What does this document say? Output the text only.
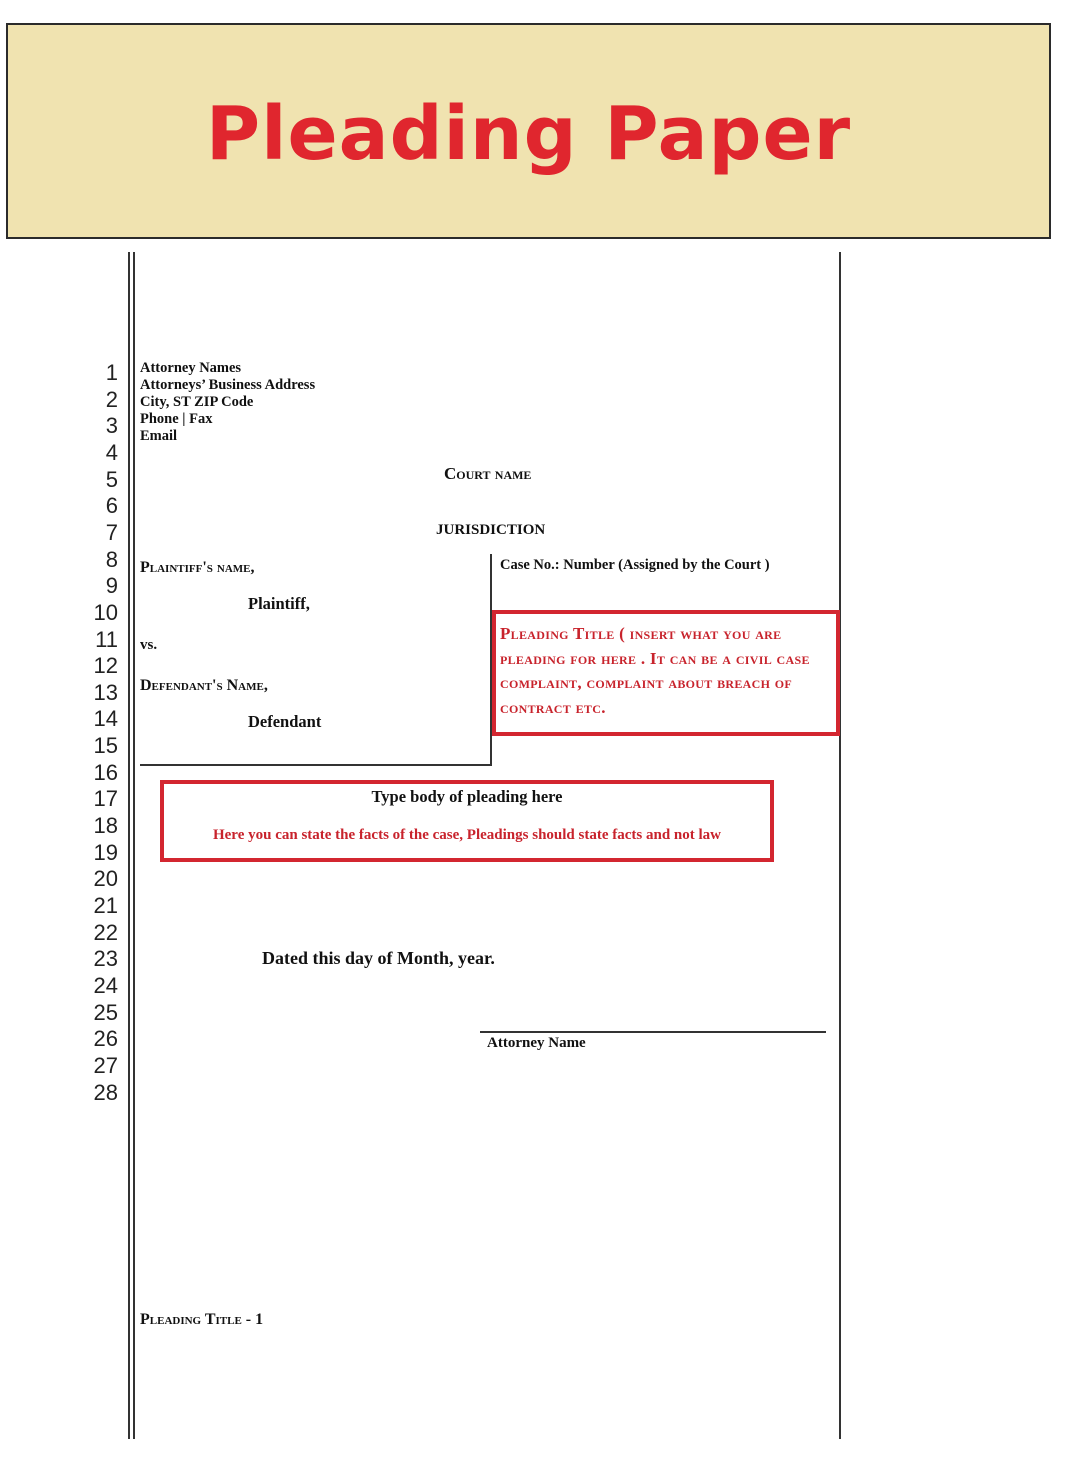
Pleading Paper
1
2
3
4
5
6
7
8
9
10
11
12
13
14
15
16
17
18
19
20
21
22
23
24
25
26
27
28
Attorney Names
Attorneys’ Business Address
City, ST ZIP Code
Phone | Fax
Email
Court name
JURISDICTION
Plaintiff's name,
Plaintiff,
vs.
Defendant's Name,
Defendant
Case No.: Number (Assigned by the Court )
Pleading Title ( insert what you are pleading for here . It can be a civil case complaint, complaint about breach of contract etc.
Type body of pleading here
Here you can state the facts of the case, Pleadings should state facts and not law
Dated this day of Month, year.
Attorney Name
Pleading Title - 1
